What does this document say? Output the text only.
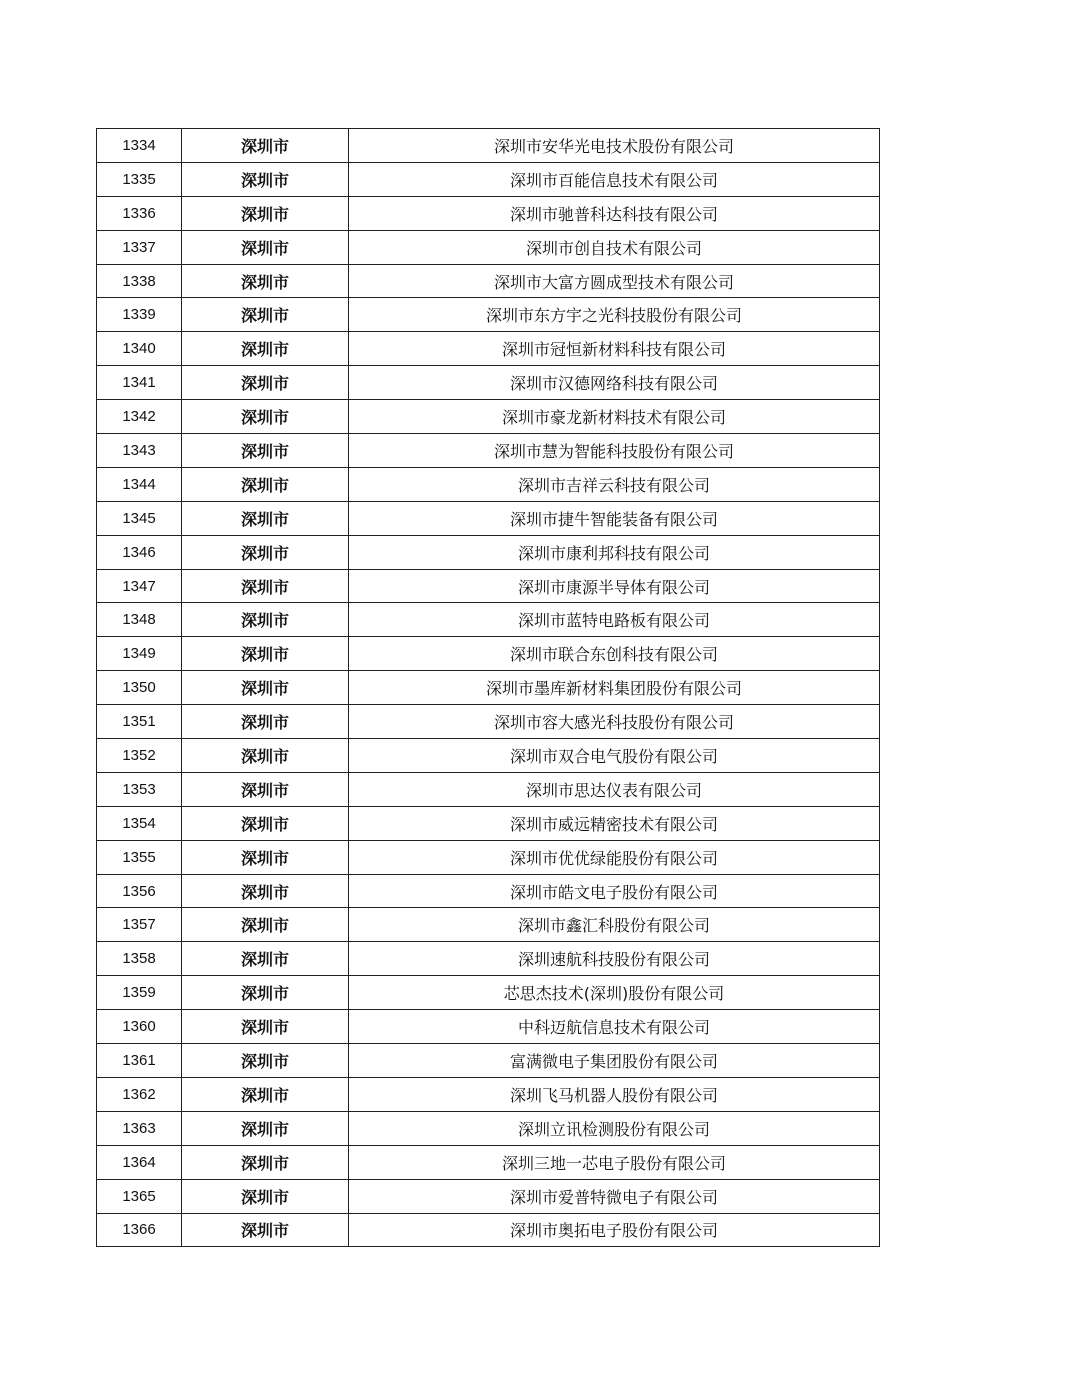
1334	深圳市	深圳市安华光电技术股份有限公司
1335	深圳市	深圳市百能信息技术有限公司
1336	深圳市	深圳市驰普科达科技有限公司
1337	深圳市	深圳市创自技术有限公司
1338	深圳市	深圳市大富方圆成型技术有限公司
1339	深圳市	深圳市东方宇之光科技股份有限公司
1340	深圳市	深圳市冠恒新材料科技有限公司
1341	深圳市	深圳市汉德网络科技有限公司
1342	深圳市	深圳市豪龙新材料技术有限公司
1343	深圳市	深圳市慧为智能科技股份有限公司
1344	深圳市	深圳市吉祥云科技有限公司
1345	深圳市	深圳市捷牛智能装备有限公司
1346	深圳市	深圳市康利邦科技有限公司
1347	深圳市	深圳市康源半导体有限公司
1348	深圳市	深圳市蓝特电路板有限公司
1349	深圳市	深圳市联合东创科技有限公司
1350	深圳市	深圳市墨库新材料集团股份有限公司
1351	深圳市	深圳市容大感光科技股份有限公司
1352	深圳市	深圳市双合电气股份有限公司
1353	深圳市	深圳市思达仪表有限公司
1354	深圳市	深圳市威远精密技术有限公司
1355	深圳市	深圳市优优绿能股份有限公司
1356	深圳市	深圳市皓文电子股份有限公司
1357	深圳市	深圳市鑫汇科股份有限公司
1358	深圳市	深圳速航科技股份有限公司
1359	深圳市	芯思杰技术(深圳)股份有限公司
1360	深圳市	中科迈航信息技术有限公司
1361	深圳市	富满微电子集团股份有限公司
1362	深圳市	深圳飞马机器人股份有限公司
1363	深圳市	深圳立讯检测股份有限公司
1364	深圳市	深圳三地一芯电子股份有限公司
1365	深圳市	深圳市爱普特微电子有限公司
1366	深圳市	深圳市奥拓电子股份有限公司
